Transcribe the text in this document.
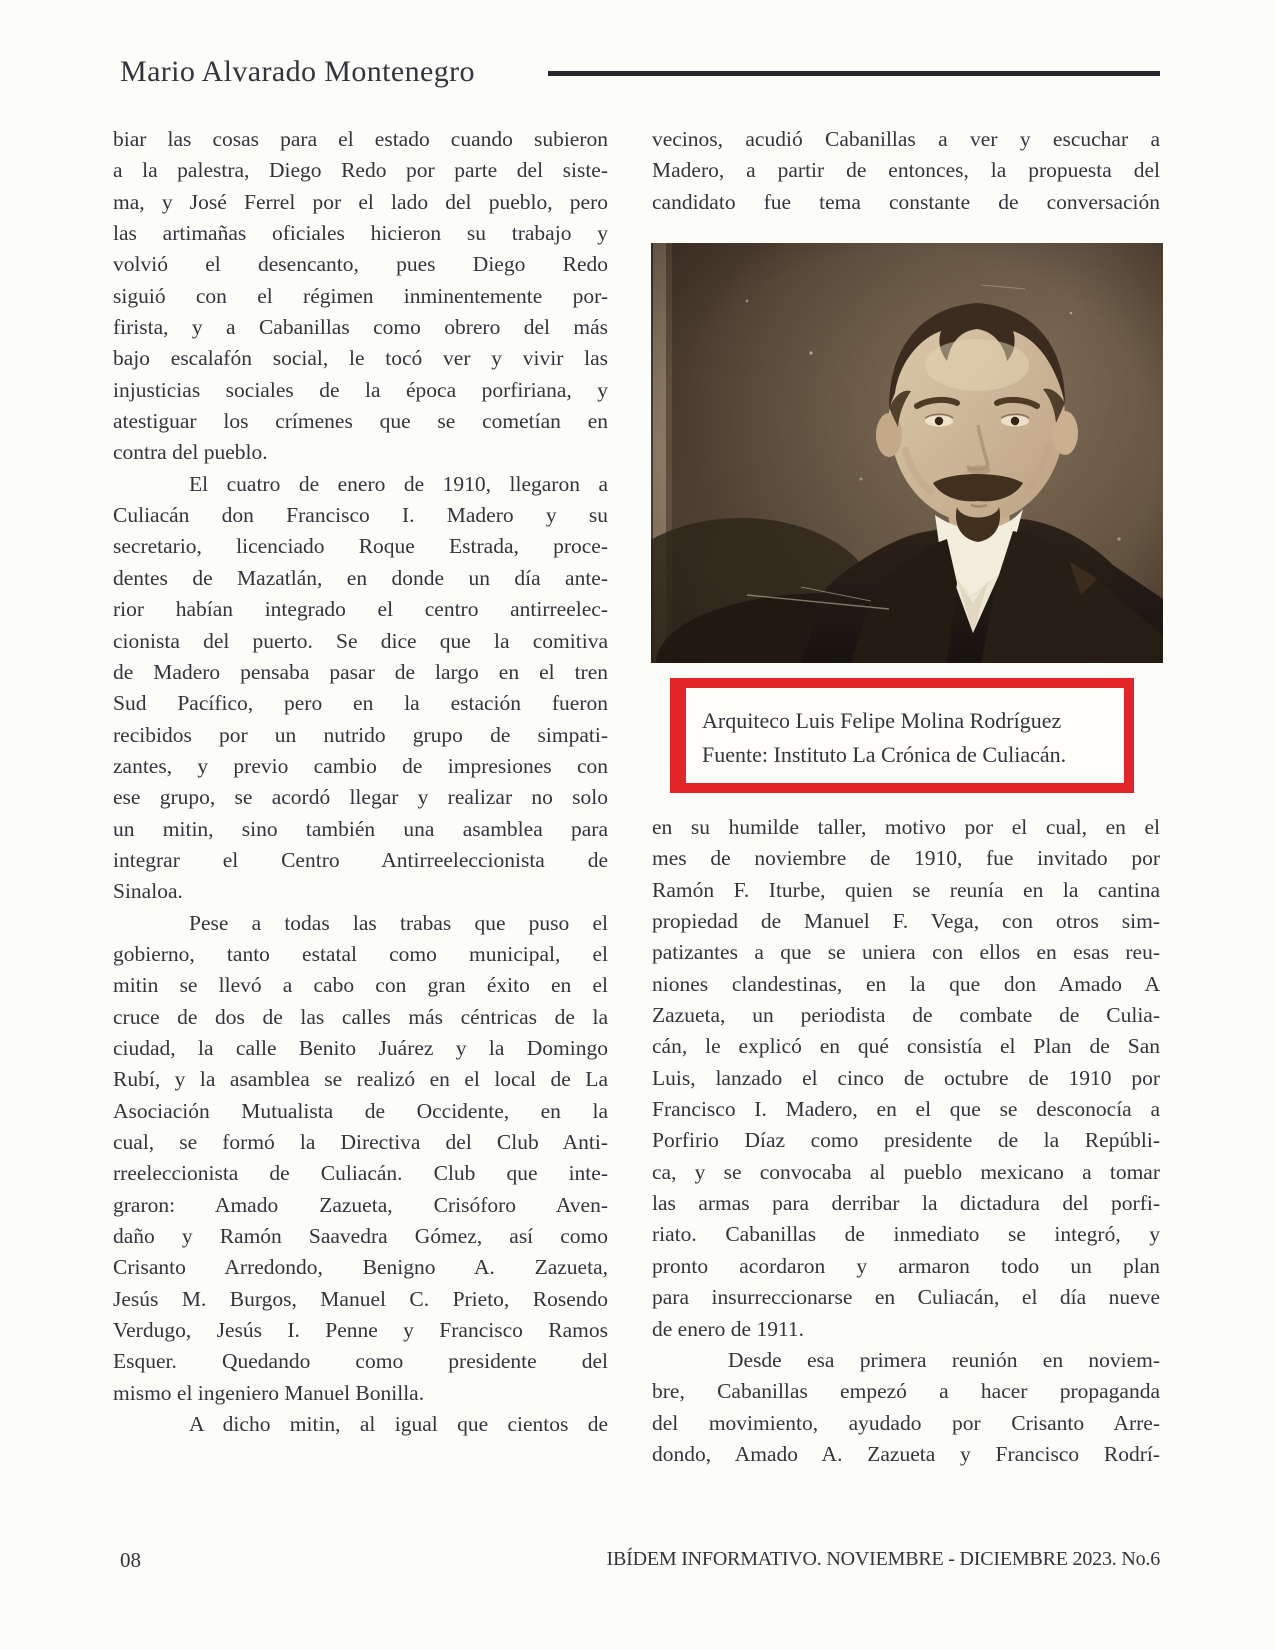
Mario Alvarado Montenegro
biar las cosas para el estado cuando subieron
a la palestra, Diego Redo por parte del siste-
ma, y José Ferrel por el lado del pueblo, pero
las artimañas oficiales hicieron su trabajo y
volvió el desencanto, pues Diego Redo
siguió con el régimen inminentemente por-
firista, y a Cabanillas como obrero del más
bajo escalafón social, le tocó ver y vivir las
injusticias sociales de la época porfiriana, y
atestiguar los crímenes que se cometían en
contra del pueblo.
El cuatro de enero de 1910, llegaron a
Culiacán don Francisco I. Madero y su
secretario, licenciado Roque Estrada, proce-
dentes de Mazatlán, en donde un día ante-
rior habían integrado el centro antirreelec-
cionista del puerto. Se dice que la comitiva
de Madero pensaba pasar de largo en el tren
Sud Pacífico, pero en la estación fueron
recibidos por un nutrido grupo de simpati-
zantes, y previo cambio de impresiones con
ese grupo, se acordó llegar y realizar no solo
un mitin, sino también una asamblea para
integrar el Centro Antirreeleccionista de
Sinaloa.
Pese a todas las trabas que puso el
gobierno, tanto estatal como municipal, el
mitin se llevó a cabo con gran éxito en el
cruce de dos de las calles más céntricas de la
ciudad, la calle Benito Juárez y la Domingo
Rubí, y la asamblea se realizó en el local de La
Asociación Mutualista de Occidente, en la
cual, se formó la Directiva del Club Anti-
rreeleccionista de Culiacán. Club que inte-
graron: Amado Zazueta, Crisóforo Aven-
daño y Ramón Saavedra Gómez, así como
Crisanto Arredondo, Benigno A. Zazueta,
Jesús M. Burgos, Manuel C. Prieto, Rosendo
Verdugo, Jesús I. Penne y Francisco Ramos
Esquer. Quedando como presidente del
mismo el ingeniero Manuel Bonilla.
A dicho mitin, al igual que cientos de
vecinos, acudió Cabanillas a ver y escuchar a
Madero, a partir de entonces, la propuesta del
candidato fue tema constante de conversación
Arquiteco Luis Felipe Molina Rodríguez
Fuente: Instituto La Crónica de Culiacán.
en su humilde taller, motivo por el cual, en el
mes de noviembre de 1910, fue invitado por
Ramón F. Iturbe, quien se reunía en la cantina
propiedad de Manuel F. Vega, con otros sim-
patizantes a que se uniera con ellos en esas reu-
niones clandestinas, en la que don Amado A
Zazueta, un periodista de combate de Culia-
cán, le explicó en qué consistía el Plan de San
Luis, lanzado el cinco de octubre de 1910 por
Francisco I. Madero, en el que se desconocía a
Porfirio Díaz como presidente de la Repúbli-
ca, y se convocaba al pueblo mexicano a tomar
las armas para derribar la dictadura del porfi-
riato. Cabanillas de inmediato se integró, y
pronto acordaron y armaron todo un plan
para insurreccionarse en Culiacán, el día nueve
de enero de 1911.
Desde esa primera reunión en noviem-
bre, Cabanillas empezó a hacer propaganda
del movimiento, ayudado por Crisanto Arre-
dondo, Amado A. Zazueta y Francisco Rodrí-
08	IBÍDEM INFORMATIVO. NOVIEMBRE - DICIEMBRE 2023. No.6
